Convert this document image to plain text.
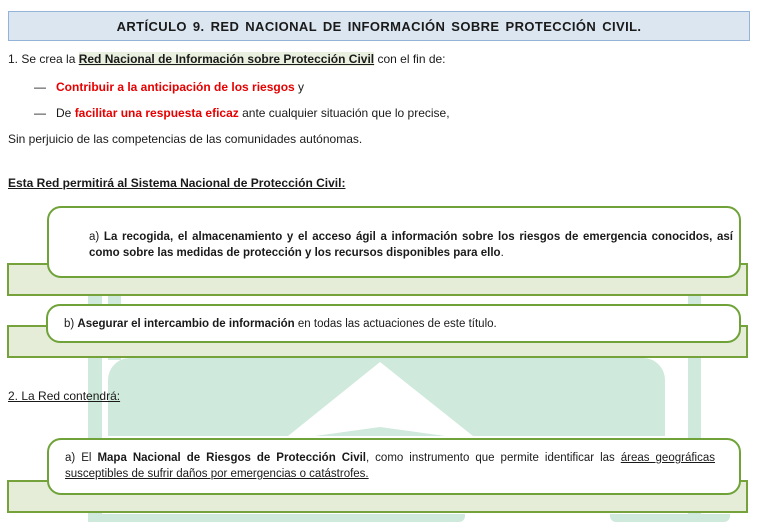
ARTÍCULO 9. RED NACIONAL DE INFORMACIÓN SOBRE PROTECCIÓN CIVIL.
1. Se crea la Red Nacional de Información sobre Protección Civil con el fin de:
— Contribuir a la anticipación de los riesgos y
— De facilitar una respuesta eficaz ante cualquier situación que lo precise,
Sin perjuicio de las competencias de las comunidades autónomas.
Esta Red permitirá al Sistema Nacional de Protección Civil:
a) La recogida, el almacenamiento y el acceso ágil a información sobre los riesgos de emergencia conocidos, así como sobre las medidas de protección y los recursos disponibles para ello.
b) Asegurar el intercambio de información en todas las actuaciones de este título.
2. La Red contendrá:
a) El Mapa Nacional de Riesgos de Protección Civil, como instrumento que permite identificar las áreas geográficas susceptibles de sufrir daños por emergencias o catástrofes.
